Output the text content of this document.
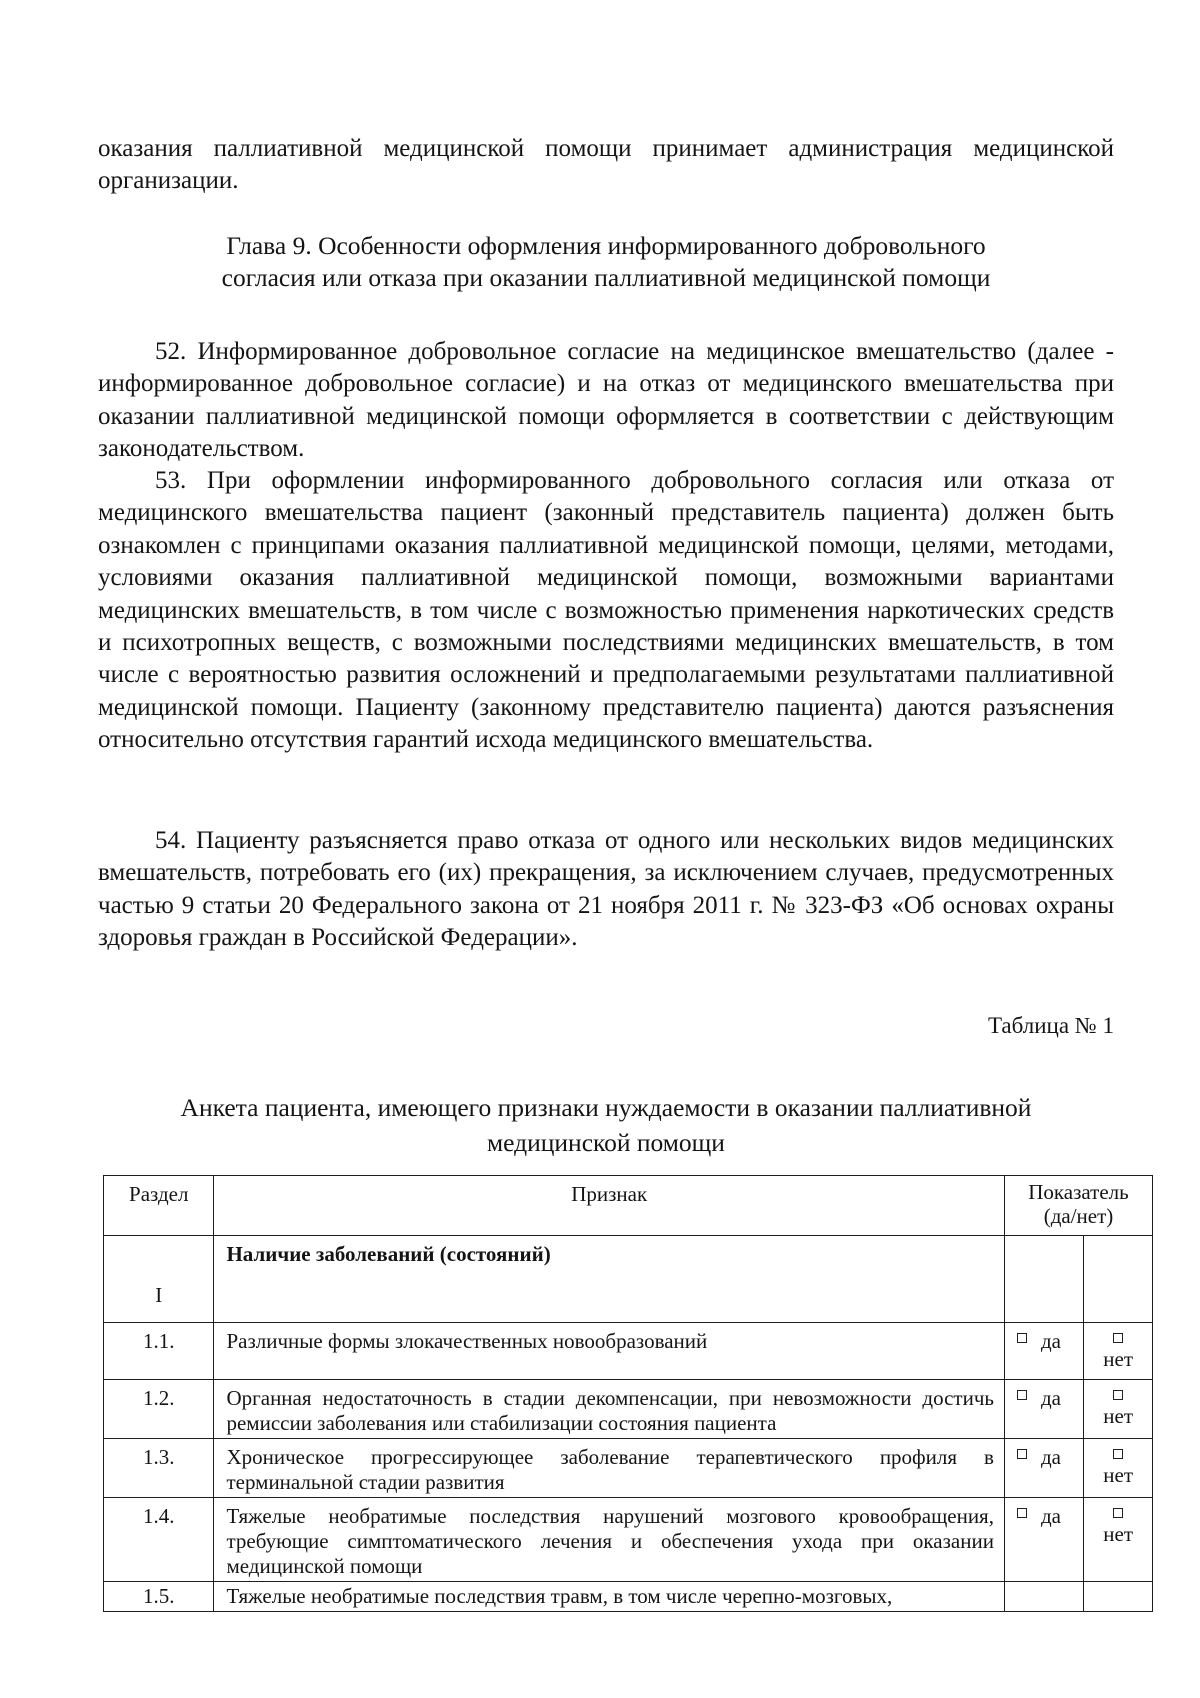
оказания паллиативной медицинской помощи принимает администрация медицинской организации.

Глава 9. Особенности оформления информированного добровольного
согласия или отказа при оказании паллиативной медицинской помощи

52. Информированное добровольное согласие на медицинское вмешательство (далее - информированное добровольное согласие) и на отказ от медицинского вмешательства при оказании паллиативной медицинской помощи оформляется в соответствии с действующим законодательством.

53. При оформлении информированного добровольного согласия или отказа от медицинского вмешательства пациент (законный представитель пациента) должен быть ознакомлен с принципами оказания паллиативной медицинской помощи, целями, методами, условиями оказания паллиативной медицинской помощи, возможными вариантами медицинских вмешательств, в том числе с возможностью применения наркотических средств и психотропных веществ, с возможными последствиями медицинских вмешательств, в том числе с вероятностью развития осложнений и предполагаемыми результатами паллиативной медицинской помощи. Пациенту (законному представителю пациента) даются разъяснения относительно отсутствия гарантий исхода медицинского вмешательства.

54. Пациенту разъясняется право отказа от одного или нескольких видов медицинских вмешательств, потребовать его (их) прекращения, за исключением случаев, предусмотренных частью 9 статьи 20 Федерального закона от 21 ноября 2011 г. № 323-ФЗ «Об основах охраны здоровья граждан в Российской Федерации».

Таблица № 1

Анкета пациента, имеющего признаки нуждаемости в оказании паллиативной
медицинской помощи
Раздел	Признак	Показатель
(да/нет)	

I	Наличие заболеваний (состояний)		
1.1.	Различные формы злокачественных новообразований	да	нет
1.2.	Органная недостаточность в стадии декомпенсации, при невозможности достичь ремиссии заболевания или стабилизации состояния пациента	да	нет
1.3.	Хроническое прогрессирующее заболевание терапевтического профиля в терминальной стадии развития	да	нет
1.4.	Тяжелые необратимые последствия нарушений мозгового кровообращения, требующие симптоматического лечения и обеспечения ухода при оказании медицинской помощи	да	нет
1.5.	Тяжелые необратимые последствия травм, в том числе черепно-мозговых,		
